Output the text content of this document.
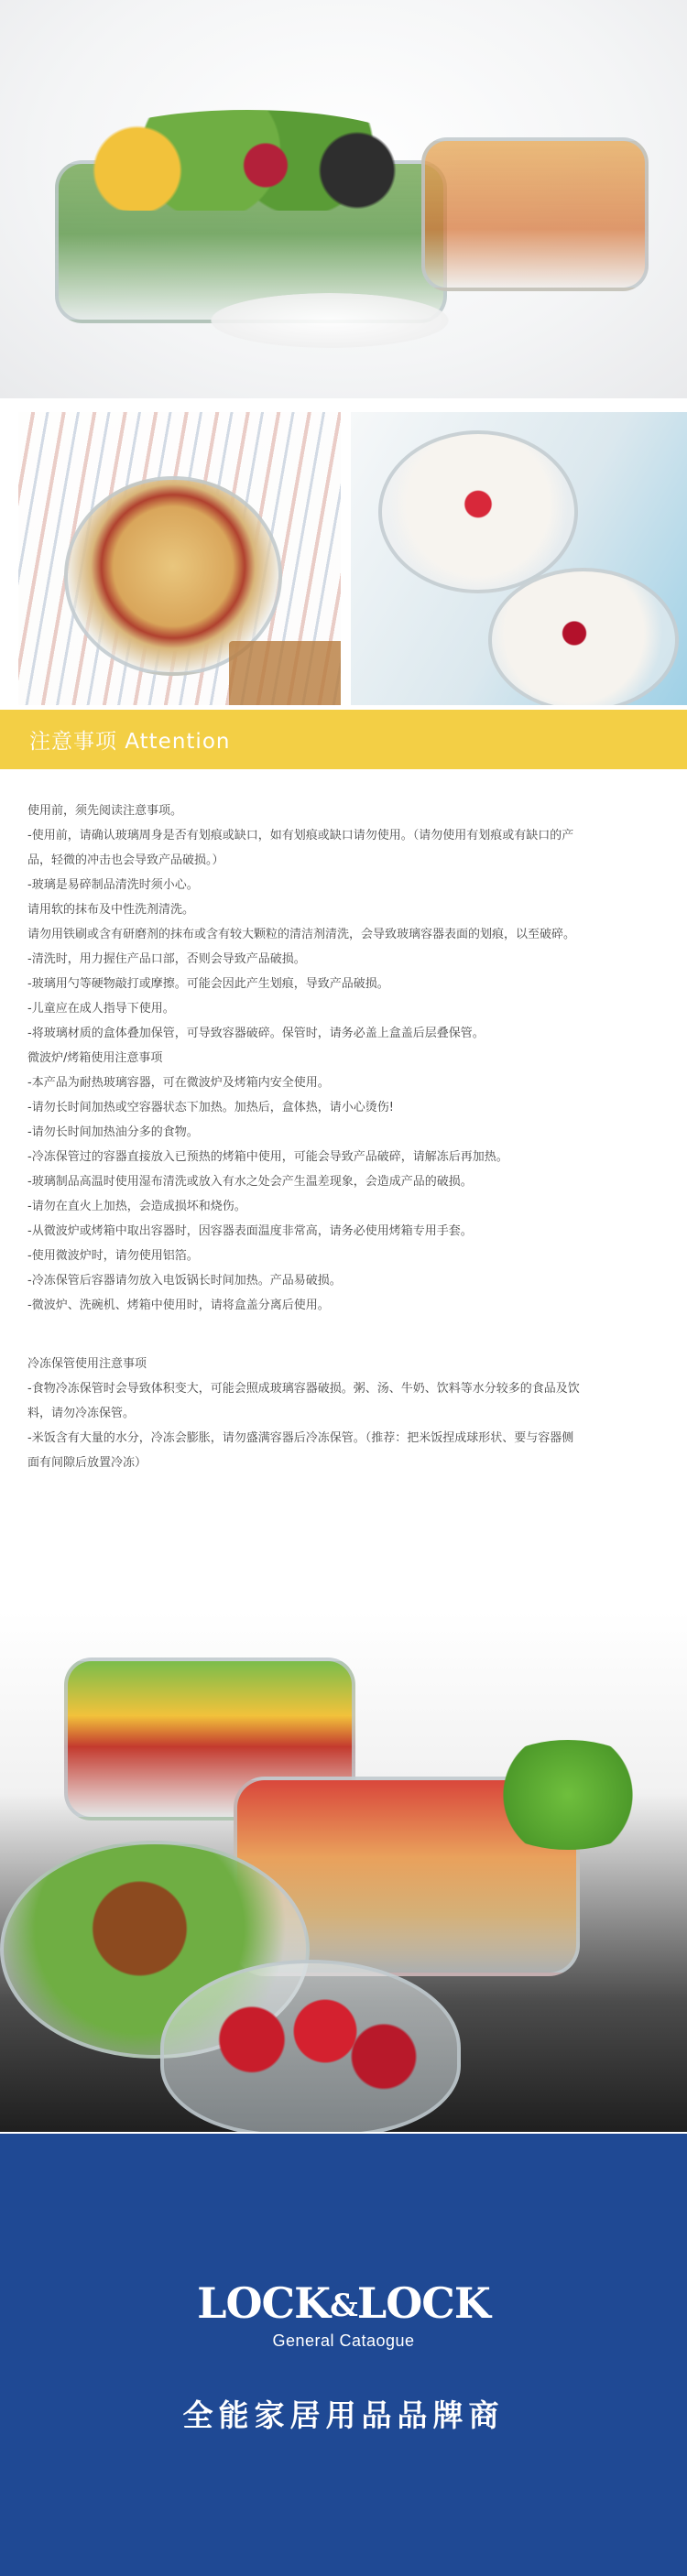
注意事项 Attention

使用前，须先阅读注意事项。

-使用前，请确认玻璃周身是否有划痕或缺口，如有划痕或缺口请勿使用。（请勿使用有划痕或有缺口的产

品，轻微的冲击也会导致产品破损。）

-玻璃是易碎制品清洗时须小心。

请用软的抹布及中性洗剂清洗。

请勿用铁刷或含有研磨剂的抹布或含有较大颗粒的清洁剂清洗，会导致玻璃容器表面的划痕，以至破碎。

-清洗时，用力握住产品口部，否则会导致产品破损。

-玻璃用勺等硬物敲打或摩擦。可能会因此产生划痕，导致产品破损。

-儿童应在成人指导下使用。

-将玻璃材质的盒体叠加保管，可导致容器破碎。保管时，请务必盖上盒盖后层叠保管。

微波炉/烤箱使用注意事项

-本产品为耐热玻璃容器，可在微波炉及烤箱内安全使用。

-请勿长时间加热或空容器状态下加热。加热后，盒体热，请小心烫伤!

-请勿长时间加热油分多的食物。

-冷冻保管过的容器直接放入已预热的烤箱中使用，可能会导致产品破碎，请解冻后再加热。

-玻璃制品高温时使用湿布清洗或放入有水之处会产生温差现象，会造成产品的破损。

-请勿在直火上加热，会造成损坏和烧伤。

-从微波炉或烤箱中取出容器时，因容器表面温度非常高，请务必使用烤箱专用手套。

-使用微波炉时，请勿使用铝箔。

-冷冻保管后容器请勿放入电饭锅长时间加热。产品易破损。

-微波炉、洗碗机、烤箱中使用时，请将盒盖分离后使用。

冷冻保管使用注意事项

-食物冷冻保管时会导致体积变大，可能会照成玻璃容器破损。粥、汤、牛奶、饮料等水分较多的食品及饮

料，请勿冷冻保管。

-米饭含有大量的水分，冷冻会膨胀，请勿盛满容器后冷冻保管。（推荐：把米饭捏成球形状、要与容器侧

面有间隙后放置冷冻）

LOCK&LOCK
General Cataogue
全能家居用品品牌商
